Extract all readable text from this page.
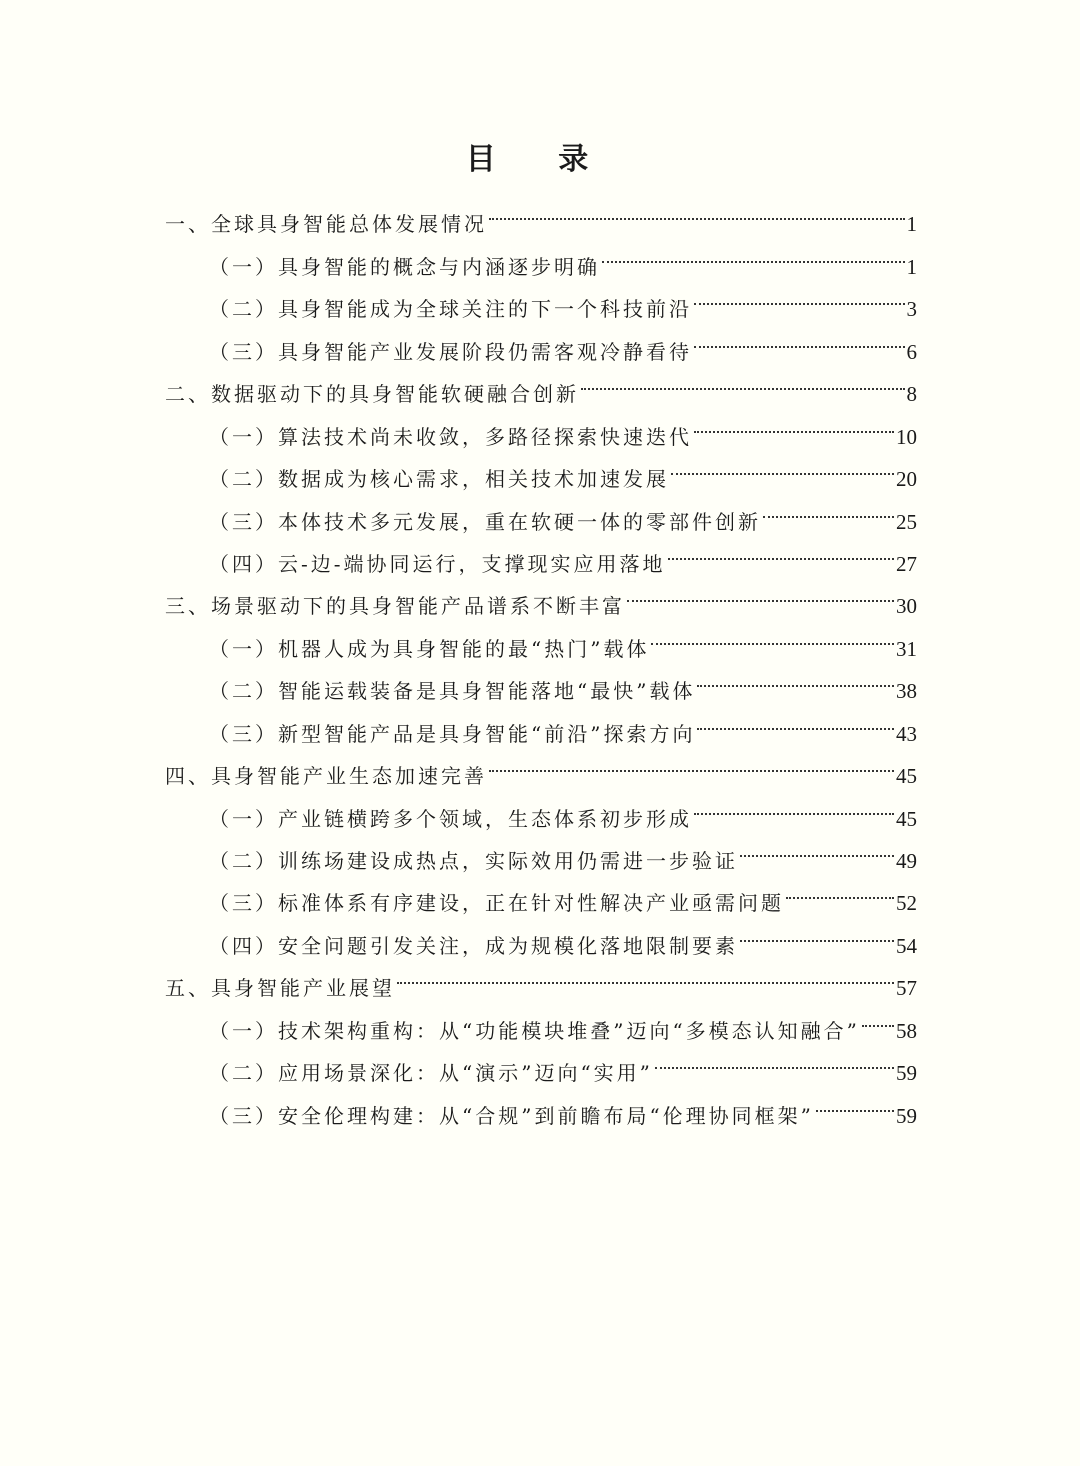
目 录
一、全球具身智能总体发展情况	1
（一）具身智能的概念与内涵逐步明确	1
（二）具身智能成为全球关注的下一个科技前沿	3
（三）具身智能产业发展阶段仍需客观冷静看待	6
二、数据驱动下的具身智能软硬融合创新	8
（一）算法技术尚未收敛，多路径探索快速迭代	10
（二）数据成为核心需求，相关技术加速发展	20
（三）本体技术多元发展，重在软硬一体的零部件创新	25
（四）云-边-端协同运行，支撑现实应用落地	27
三、场景驱动下的具身智能产品谱系不断丰富	30
（一）机器人成为具身智能的最“热门”载体	31
（二）智能运载装备是具身智能落地“最快”载体	38
（三）新型智能产品是具身智能“前沿”探索方向	43
四、具身智能产业生态加速完善	45
（一）产业链横跨多个领域，生态体系初步形成	45
（二）训练场建设成热点，实际效用仍需进一步验证	49
（三）标准体系有序建设，正在针对性解决产业亟需问题	52
（四）安全问题引发关注，成为规模化落地限制要素	54
五、具身智能产业展望	57
（一）技术架构重构：从“功能模块堆叠”迈向“多模态认知融合” 58
（二）应用场景深化：从“演示”迈向“实用”	59
（三）安全伦理构建：从“合规”到前瞻布局“伦理协同框架”	59
